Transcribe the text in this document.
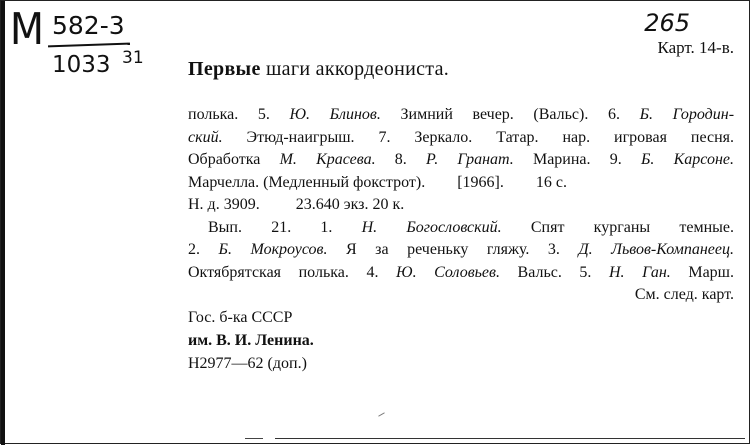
М 582-3
1033 31
265
Карт. 14-в.
Первые шаги аккордеониста.
полька. 5. Ю. Блинов. Зимний вечер. (Вальс). 6. Б. Городин-
ский. Этюд-наигрыш. 7. Зеркало. Татар. нар. игровая песня.
Обработка М. Красева. 8. Р. Гранат. Марина. 9. Б. Карсоне.
Марчелла. (Медленный фокстрот).        [1966].        16 с.
Н. д. 3909.         23.640 экз. 20 к.
Вып. 21. 1. Н. Богословский. Спят курганы темные.
2. Б. Мокроусов. Я за реченьку гляжу. 3. Д. Львов-Компанеец.
Октябрятская полька. 4. Ю. Соловьев. Вальс. 5. Н. Ган. Марш.
См. след. карт.
Гос. б-ка СССР
им. В. И. Ленина.
Н2977—62 (доп.)
